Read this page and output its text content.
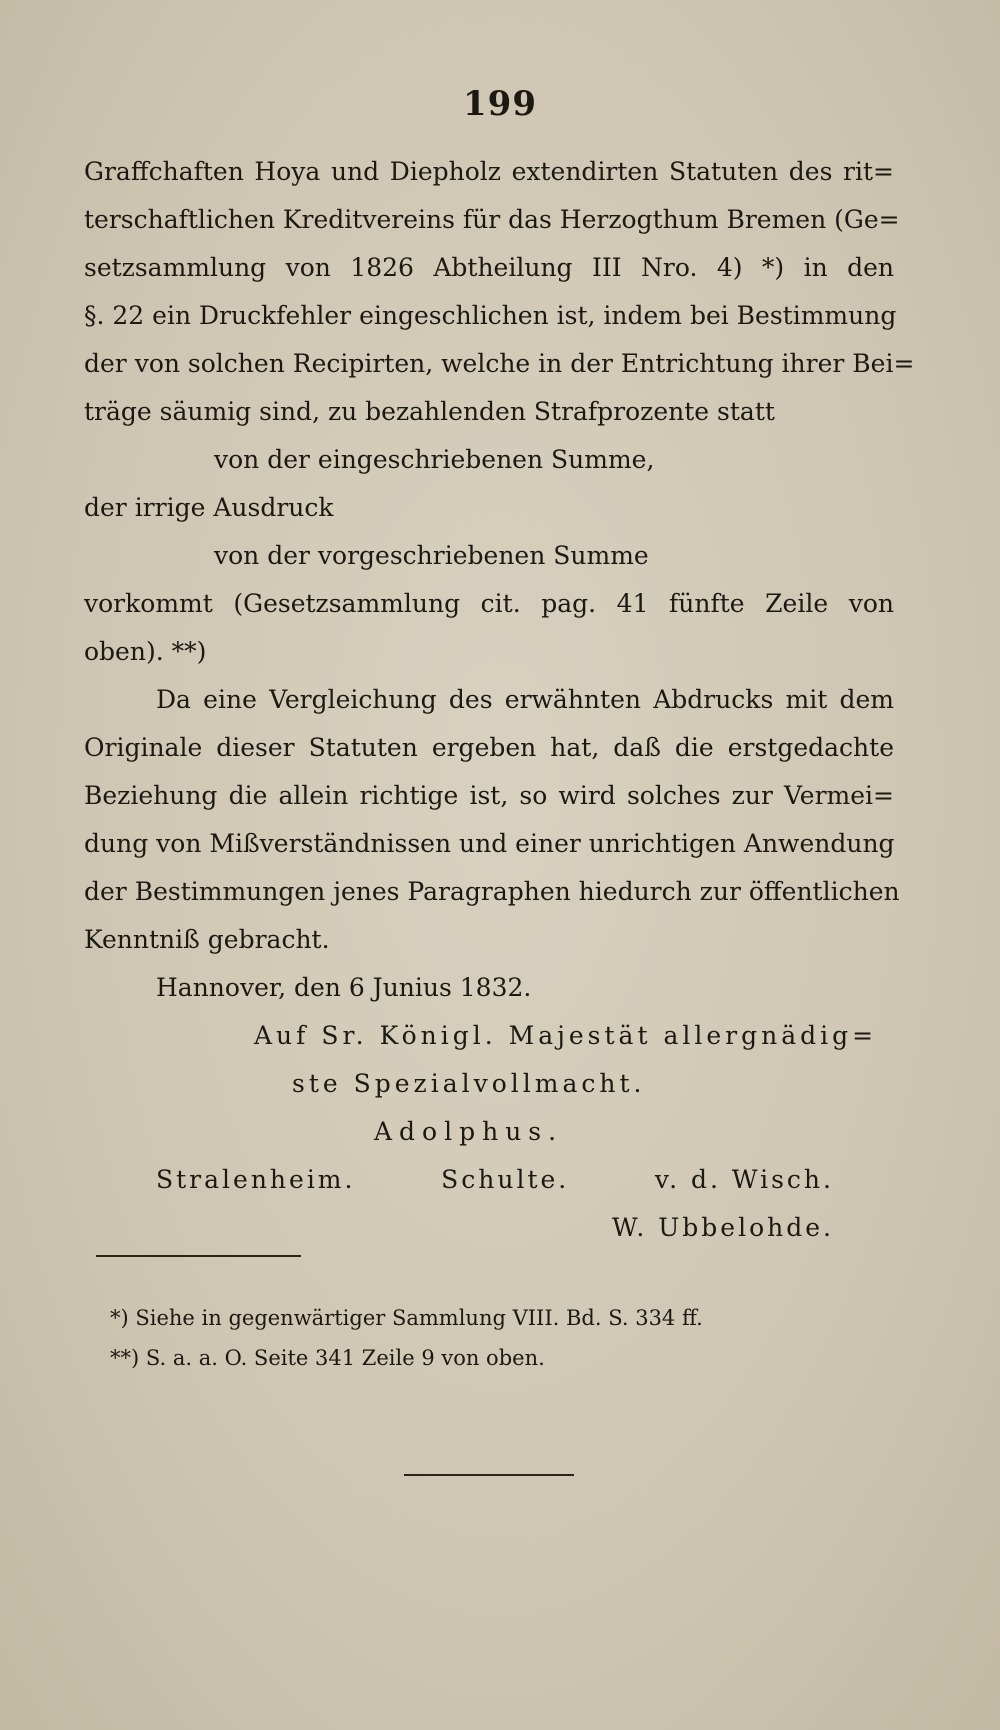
199
Graffchaften Hoya und Diepholz extendirten Statuten des rit=
terschaftlichen Kreditvereins für das Herzogthum Bremen (Ge=
setzsammlung von 1826 Abtheilung III Nro. 4) *) in den
§. 22 ein Druckfehler eingeschlichen ist, indem bei Bestimmung
der von solchen Recipirten, welche in der Entrichtung ihrer Bei=
träge säumig sind, zu bezahlenden Strafprozente statt
von der eingeschriebenen Summe,
der irrige Ausdruck
von der vorgeschriebenen Summe
vorkommt (Gesetzsammlung cit. pag. 41 fünfte Zeile von
oben). **)
Da eine Vergleichung des erwähnten Abdrucks mit dem
Originale dieser Statuten ergeben hat, daß die erstgedachte
Beziehung die allein richtige ist, so wird solches zur Vermei=
dung von Mißverständnissen und einer unrichtigen Anwendung
der Bestimmungen jenes Paragraphen hiedurch zur öffentlichen
Kenntniß gebracht.
Hannover, den 6 Junius 1832.
Auf Sr. Königl. Majestät allergnädig=
ste Spezialvollmacht.
Adolphus.
Stralenheim.	Schulte.	v. d. Wisch.
W. Ubbelohde.
*) Siehe in gegenwärtiger Sammlung VIII. Bd. S. 334 ff.
**) S. a. a. O. Seite 341 Zeile 9 von oben.
